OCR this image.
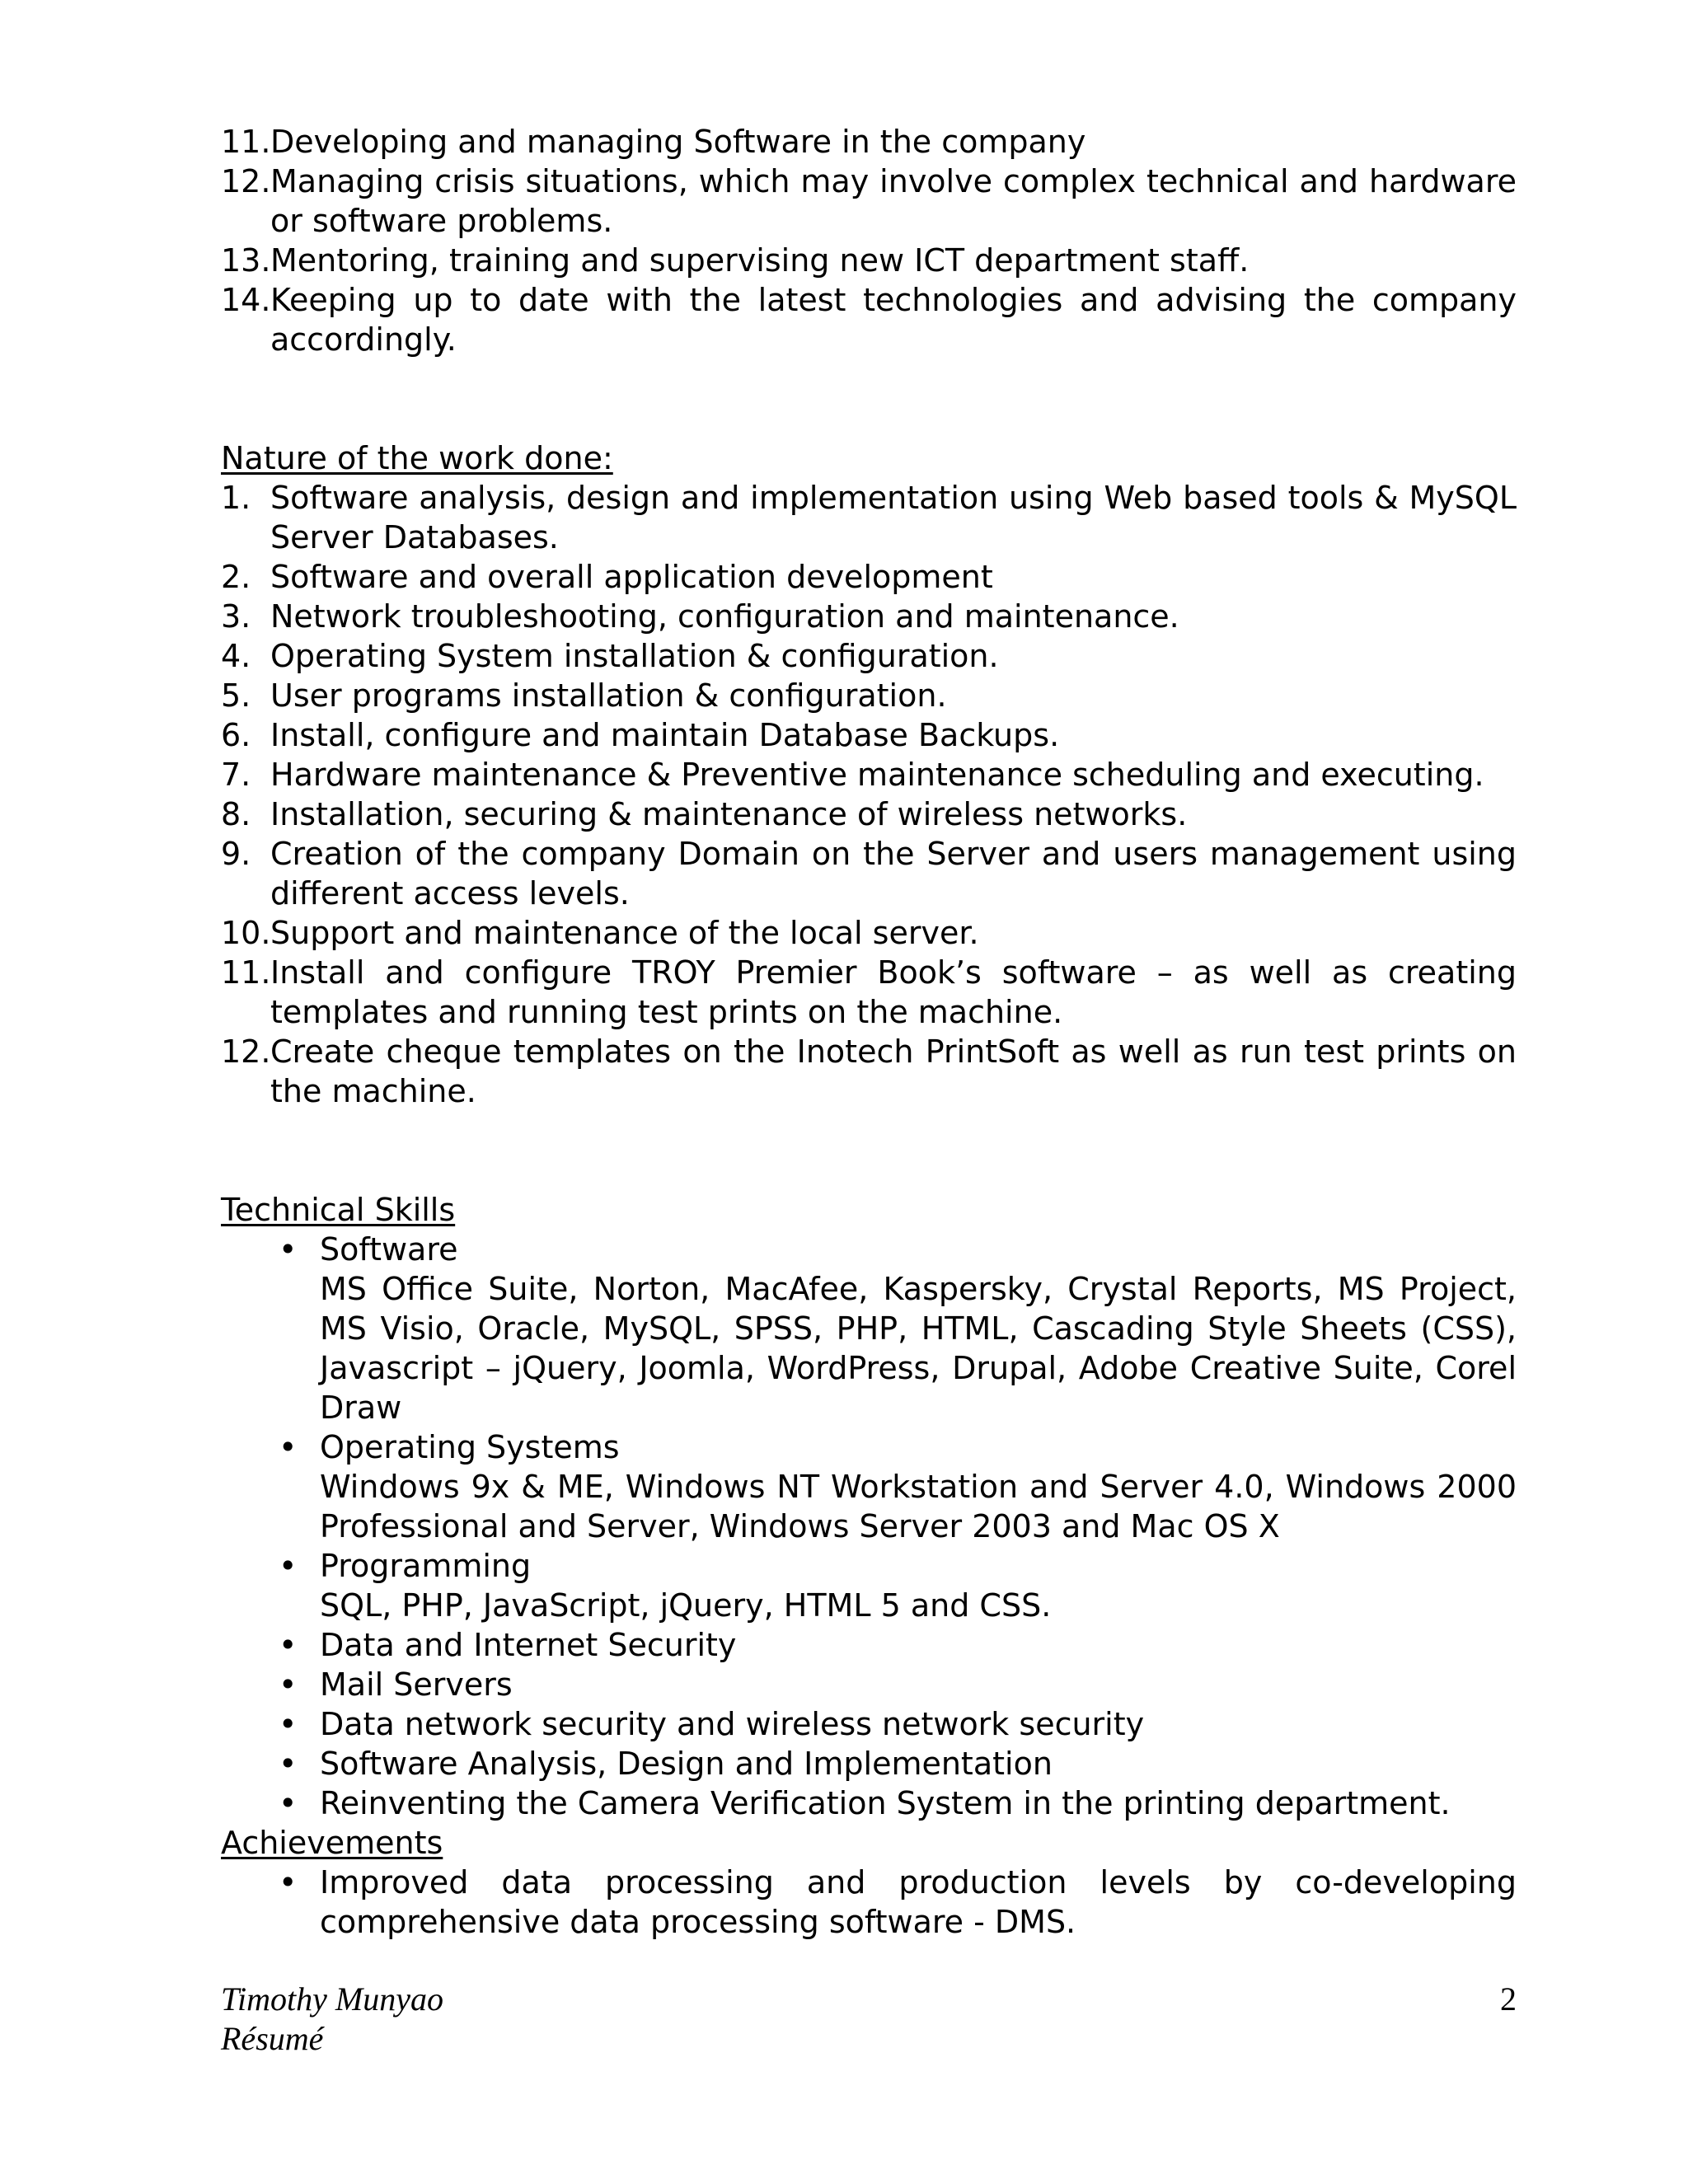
11. Developing and managing Software in the company
12. Managing crisis situations, which may involve complex technical and hardware or software problems.
13. Mentoring, training and supervising new ICT department staff.
14. Keeping up to date with the latest technologies and advising the company accordingly.
Nature of the work done:
1. Software analysis, design and implementation using Web based tools & MySQL Server Databases.
2. Software and overall application development
3. Network troubleshooting, configuration and maintenance.
4. Operating System installation & configuration.
5. User programs installation & configuration.
6. Install, configure and maintain Database Backups.
7. Hardware maintenance & Preventive maintenance scheduling and executing.
8. Installation, securing & maintenance of wireless networks.
9. Creation of the company Domain on the Server and users management using different access levels.
10. Support and maintenance of the local server.
11. Install and configure TROY Premier Book’s software – as well as creating templates and running test prints on the machine.
12. Create cheque templates on the Inotech PrintSoft as well as run test prints on the machine.
Technical Skills
• Software
MS Office Suite, Norton, MacAfee, Kaspersky, Crystal Reports, MS Project, MS Visio, Oracle, MySQL, SPSS, PHP, HTML, Cascading Style Sheets (CSS), Javascript – jQuery, Joomla, WordPress, Drupal, Adobe Creative Suite, Corel Draw
• Operating Systems
Windows 9x & ME, Windows NT Workstation and Server 4.0, Windows 2000 Professional and Server, Windows Server 2003 and Mac OS X
• Programming
SQL, PHP, JavaScript, jQuery, HTML 5 and CSS.
• Data and Internet Security
• Mail Servers
• Data network security and wireless network security
• Software Analysis, Design and Implementation
• Reinventing the Camera Verification System in the printing department.
Achievements
• Improved data processing and production levels by co-developing comprehensive data processing software - DMS.
Timothy Munyao
Résumé
2
